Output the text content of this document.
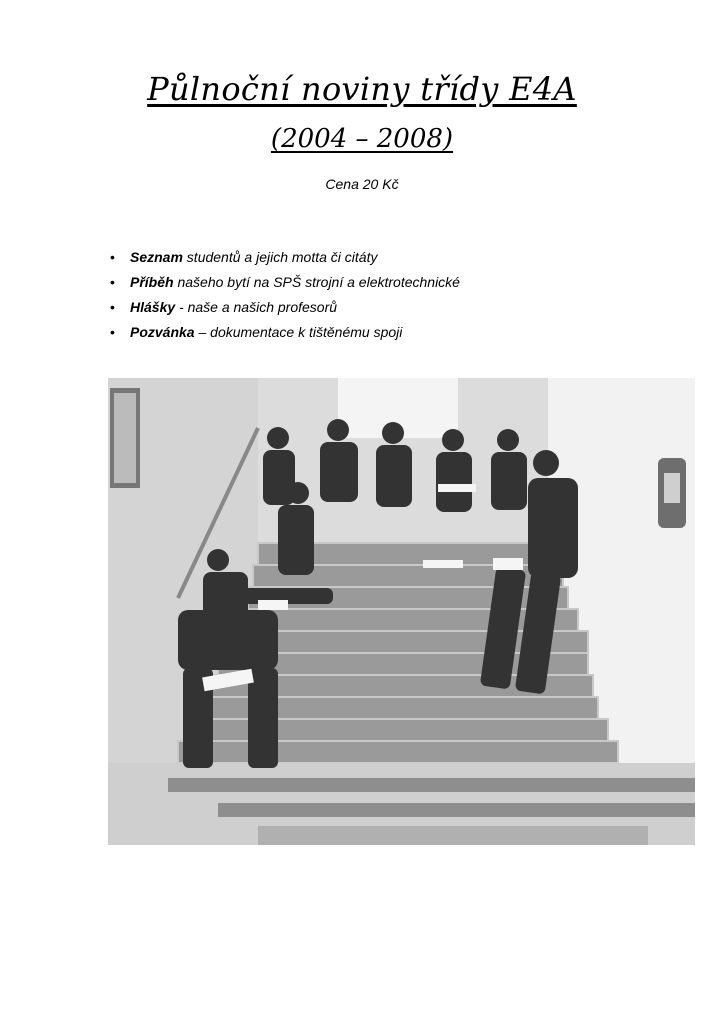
Půlnoční noviny třídy E4A
(2004 – 2008)
Cena 20 Kč
• Seznam studentů a jejich motta či citáty
• Příběh našeho bytí na SPŠ strojní a elektrotechnické
• Hlášky - naše a našich profesorů
• Pozvánka – dokumentace k tištěnému spoji
